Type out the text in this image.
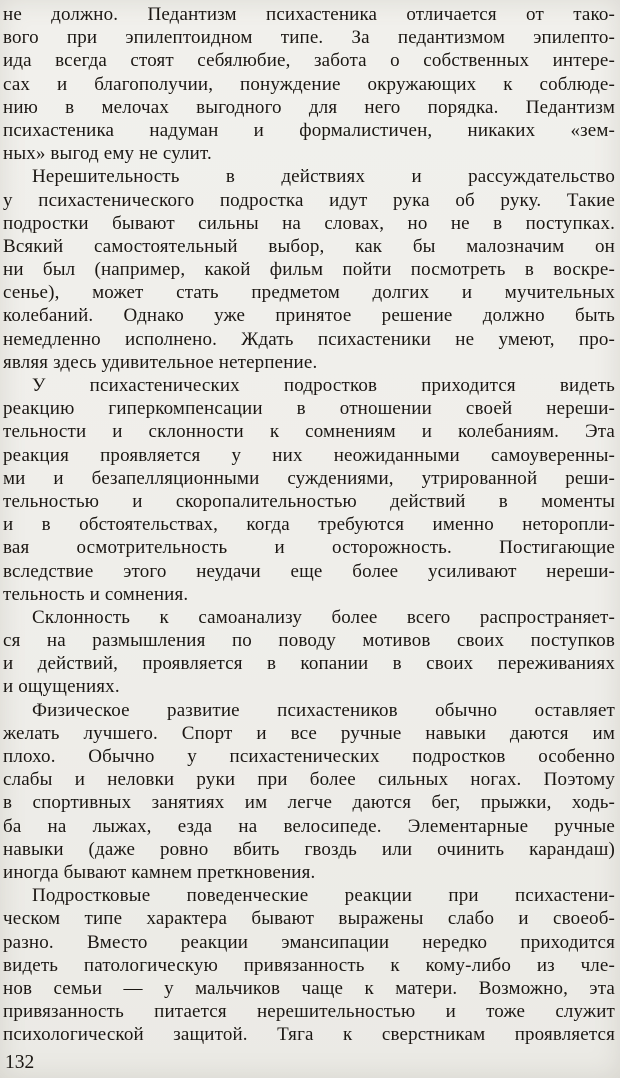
не должно. Педантизм психастеника отличается от тако-
вого при эпилептоидном типе. За педантизмом эпилепто-
ида всегда стоят себялюбие, забота о собственных интере-
сах и благополучии, понуждение окружающих к соблюде-
нию в мелочах выгодного для него порядка. Педантизм
психастеника надуман и формалистичен, никаких «зем-
ных» выгод ему не сулит.
Нерешительность в действиях и рассуждательство
у психастенического подростка идут рука об руку. Такие
подростки бывают сильны на словах, но не в поступках.
Всякий самостоятельный выбор, как бы малозначим он
ни был (например, какой фильм пойти посмотреть в воскре-
сенье), может стать предметом долгих и мучительных
колебаний. Однако уже принятое решение должно быть
немедленно исполнено. Ждать психастеники не умеют, про-
являя здесь удивительное нетерпение.
У психастенических подростков приходится видеть
реакцию гиперкомпенсации в отношении своей нереши-
тельности и склонности к сомнениям и колебаниям. Эта
реакция проявляется у них неожиданными самоуверенны-
ми и безапелляционными суждениями, утрированной реши-
тельностью и скоропалительностью действий в моменты
и в обстоятельствах, когда требуются именно неторопли-
вая осмотрительность и осторожность. Постигающие
вследствие этого неудачи еще более усиливают нереши-
тельность и сомнения.
Склонность к самоанализу более всего распространяет-
ся на размышления по поводу мотивов своих поступков
и действий, проявляется в копании в своих переживаниях
и ощущениях.
Физическое развитие психастеников обычно оставляет
желать лучшего. Спорт и все ручные навыки даются им
плохо. Обычно у психастенических подростков особенно
слабы и неловки руки при более сильных ногах. Поэтому
в спортивных занятиях им легче даются бег, прыжки, ходь-
ба на лыжах, езда на велосипеде. Элементарные ручные
навыки (даже ровно вбить гвоздь или очинить карандаш)
иногда бывают камнем преткновения.
Подростковые поведенческие реакции при психастени-
ческом типе характера бывают выражены слабо и своеоб-
разно. Вместо реакции эмансипации нередко приходится
видеть патологическую привязанность к кому-либо из чле-
нов семьи — у мальчиков чаще к матери. Возможно, эта
привязанность питается нерешительностью и тоже служит
психологической защитой. Тяга к сверстникам проявляется
132
